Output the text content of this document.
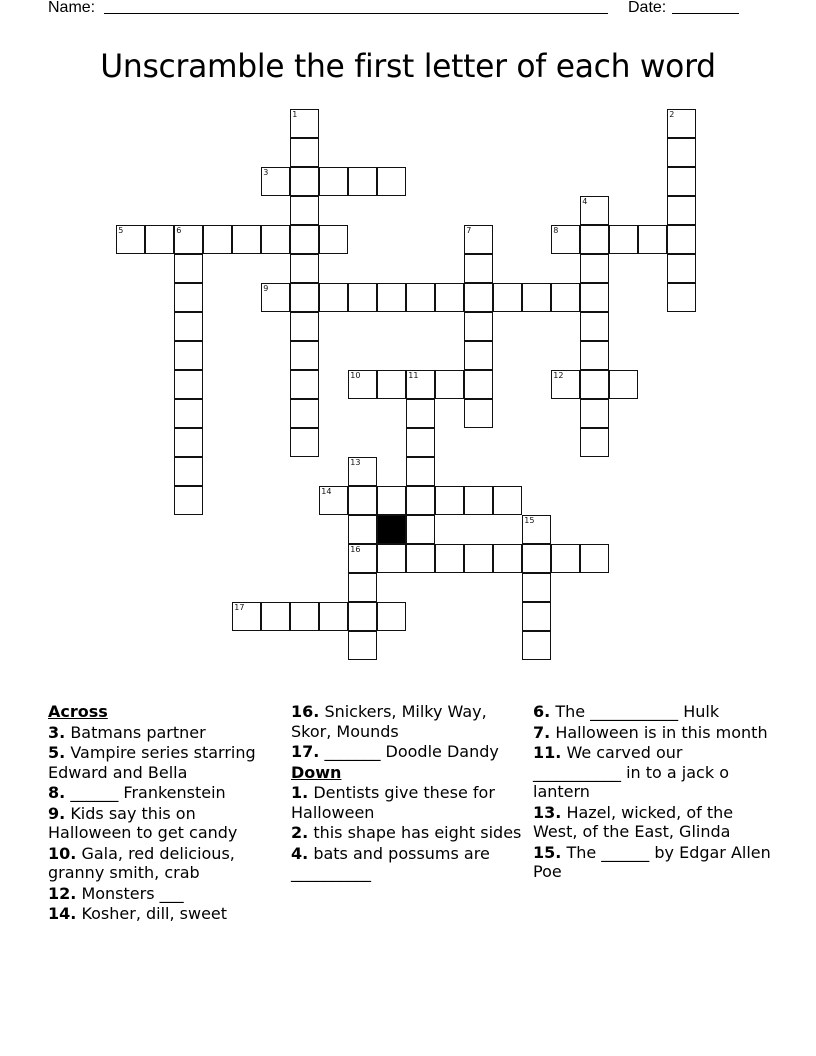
Name:

	Date:

Unscramble the first letter of each word
1	2
3
4
5	6	7	8
9
10	11	12
13
16
14
15
17
Across
3. Batmans partner
5. Vampire series starring Edward and Bella
8. ______ Frankenstein
9. Kids say this on Halloween to get candy
10. Gala, red delicious, granny smith, crab
12. Monsters ___
14. Kosher, dill, sweet
16. Snickers, Milky Way, Skor, Mounds
17. _______ Doodle Dandy
Down
1. Dentists give these for Halloween
2. this shape has eight sides
4. bats and possums are __________
6. The ___________ Hulk
7. Halloween is in this month
11. We carved our ___________ in to a jack o lantern
13. Hazel, wicked, of the West, of the East, Glinda
15. The ______ by Edgar Allen Poe
